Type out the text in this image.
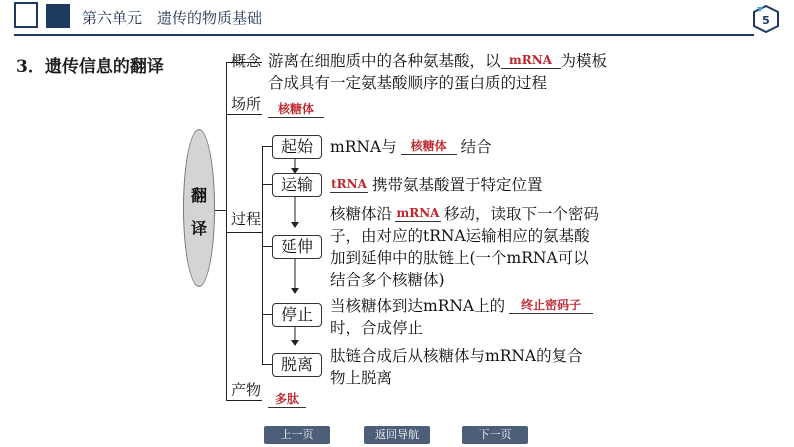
第六单元　遗传的物质基础	5
3．遗传信息的翻译
翻
译
概念 游离在细胞质中的各种氨基酸，以 mRNA 为模板
合成具有一定氨基酸顺序的蛋白质的过程
场所	核糖体
过程
起始	mRNA与 核糖体 结合
运输	tRNA 携带氨基酸置于特定位置
延伸
核糖体沿 mRNA 移动，读取下一个密码
子，由对应的tRNA运输相应的氨基酸
加到延伸中的肽链上(一个mRNA可以
结合多个核糖体)
停止	当核糖体到达mRNA上的 终止密码子
时，合成停止
脱离	肽链合成后从核糖体与mRNA的复合
物上脱离
产物	多肽
上一页	返回导航	下一页
